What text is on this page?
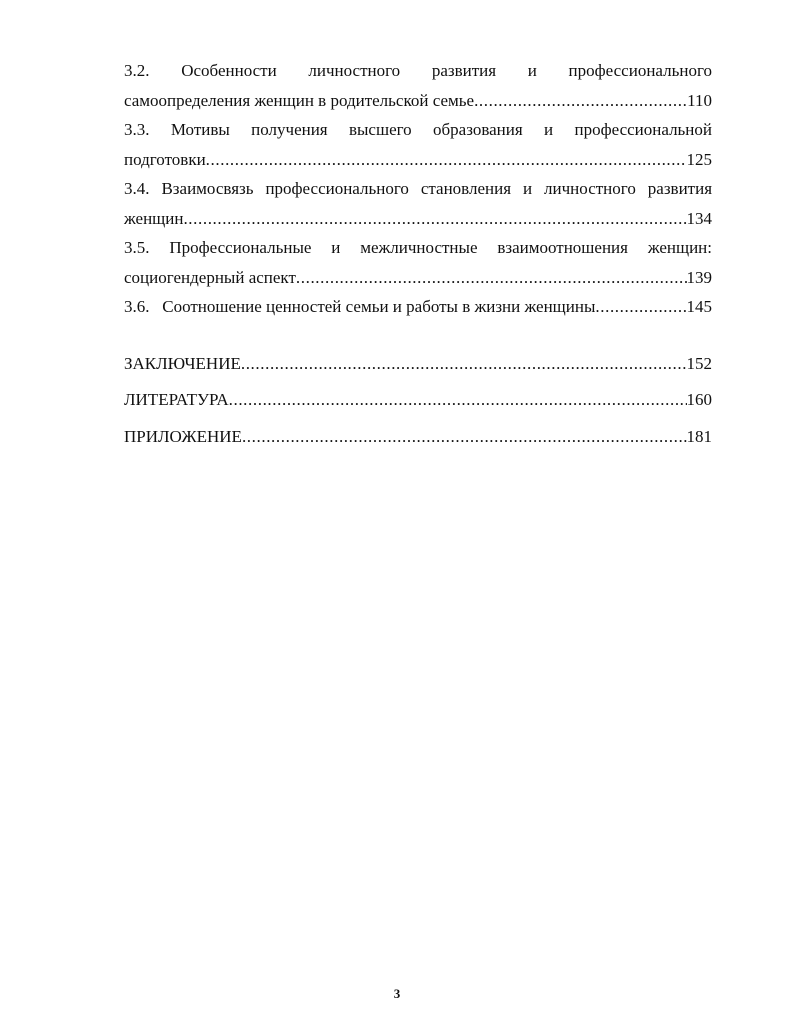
3.2. Особенности личностного развития и профессионального
самоопределения женщин в родительской семье .....	110
3.3. Мотивы получения высшего образования и профессиональной
подготовки .....	125
3.4. Взаимосвязь профессионального становления и личностного развития
женщин .....	134
3.5. Профессиональные и межличностные взаимоотношения женщин:
социогендерный аспект .....	139
3.6. Соотношение ценностей семьи и работы в жизни женщины .....	145
ЗАКЛЮЧЕНИЕ .....	152
ЛИТЕРАТУРА .....	160
ПРИЛОЖЕНИЕ .....	181
3
